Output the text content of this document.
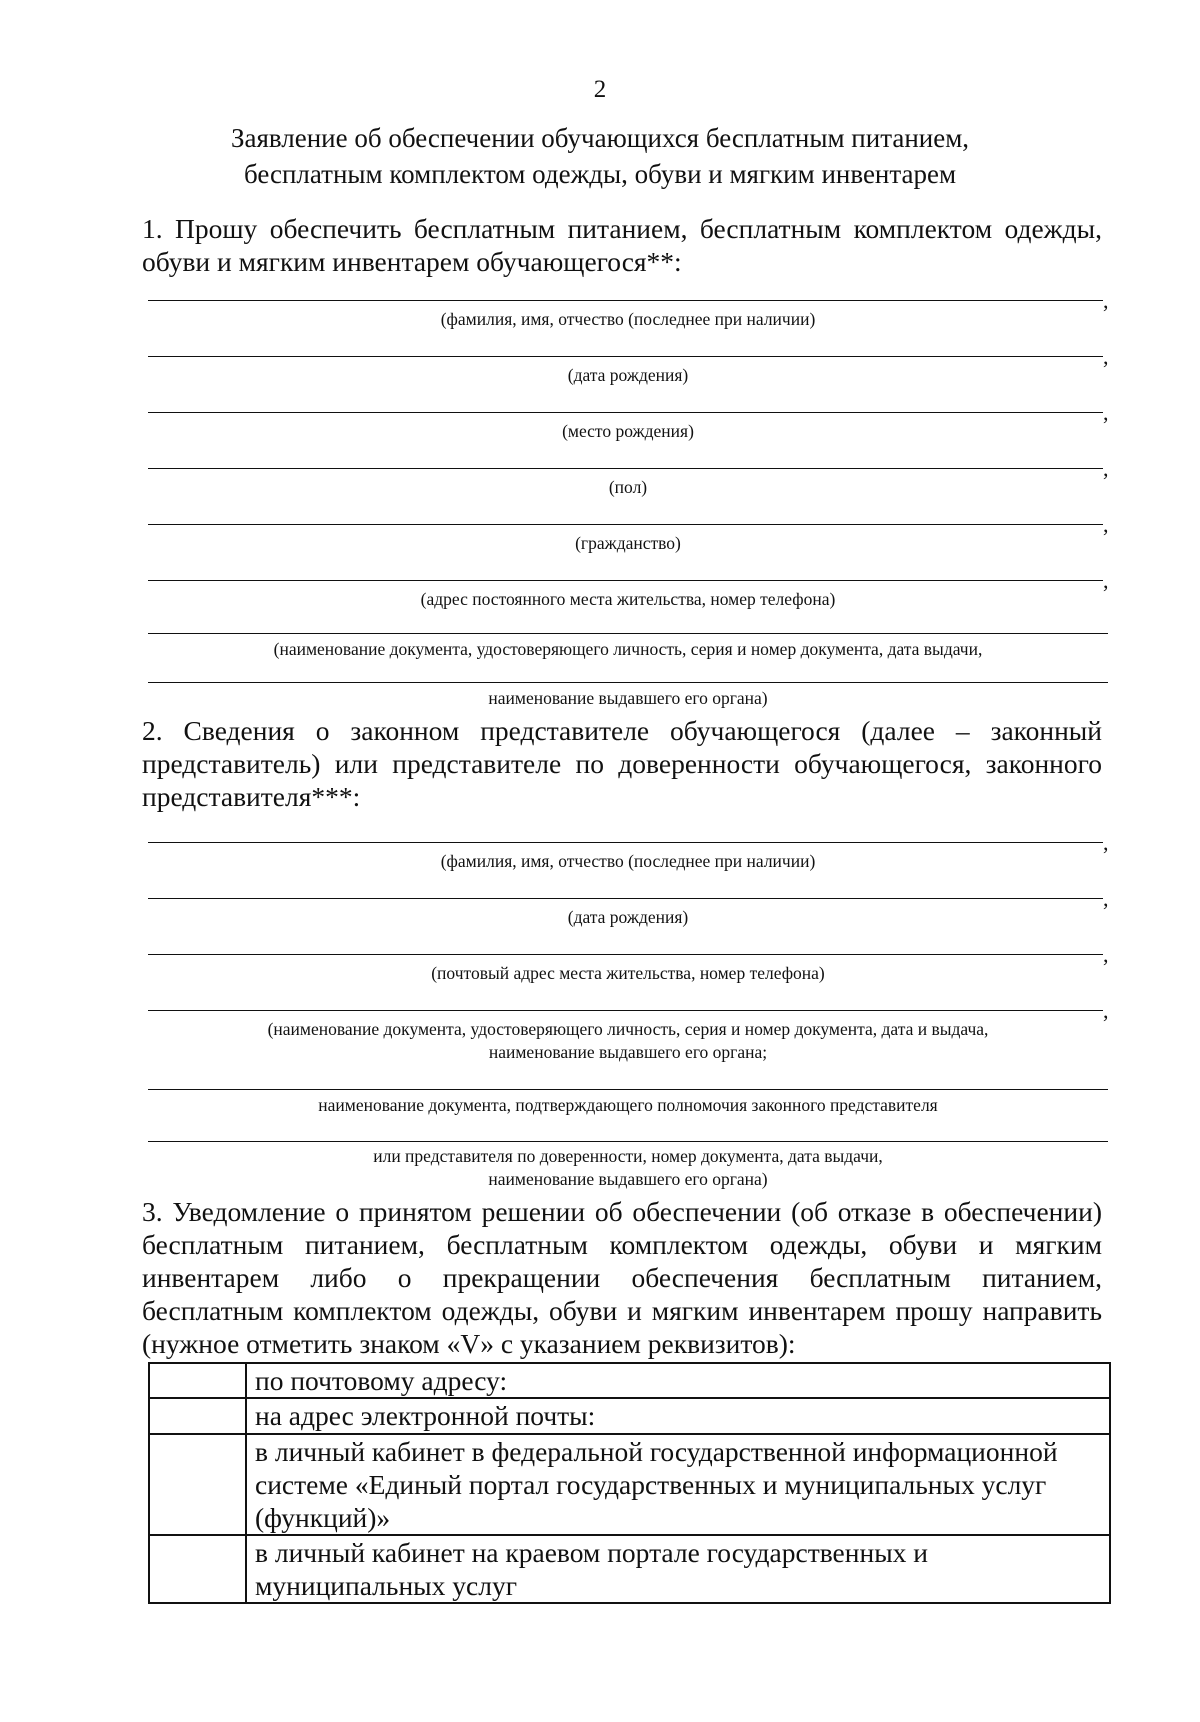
2
Заявление об обеспечении обучающихся бесплатным питанием,
бесплатным комплектом одежды, обуви и мягким инвентарем
1. Прошу обеспечить бесплатным питанием, бесплатным комплектом одежды, обуви и мягким инвентарем обучающегося**:
,
(фамилия, имя, отчество (последнее при наличии)
,
(дата рождения)
,
(место рождения)
,
(пол)
,
(гражданство)
,
(адрес постоянного места жительства, номер телефона)
(наименование документа, удостоверяющего личность, серия и номер документа, дата выдачи,
наименование выдавшего его органа)
2. Сведения о законном представителе обучающегося (далее – законный представитель) или представителе по доверенности обучающегося, законного представителя***:
,
(фамилия, имя, отчество (последнее при наличии)
,
(дата рождения)
,
(почтовый адрес места жительства, номер телефона)
,
(наименование документа, удостоверяющего личность, серия и номер документа, дата и выдача,
наименование выдавшего его органа;
наименование документа, подтверждающего полномочия законного представителя
или представителя по доверенности, номер документа, дата выдачи,
наименование выдавшего его органа)
3. Уведомление о принятом решении об обеспечении (об отказе в обеспечении) бесплатным питанием, бесплатным комплектом одежды, обуви и мягким инвентарем либо о прекращении обеспечения бесплатным питанием, бесплатным комплектом одежды, обуви и мягким инвентарем прошу направить (нужное отметить знаком «V» с указанием реквизитов):
	по почтовому адресу:
	на адрес электронной почты:
	в личный кабинет в федеральной государственной информационной системе «Единый портал государственных и муниципальных услуг (функций)»
	в личный кабинет на краевом портале государственных и муниципальных услуг
